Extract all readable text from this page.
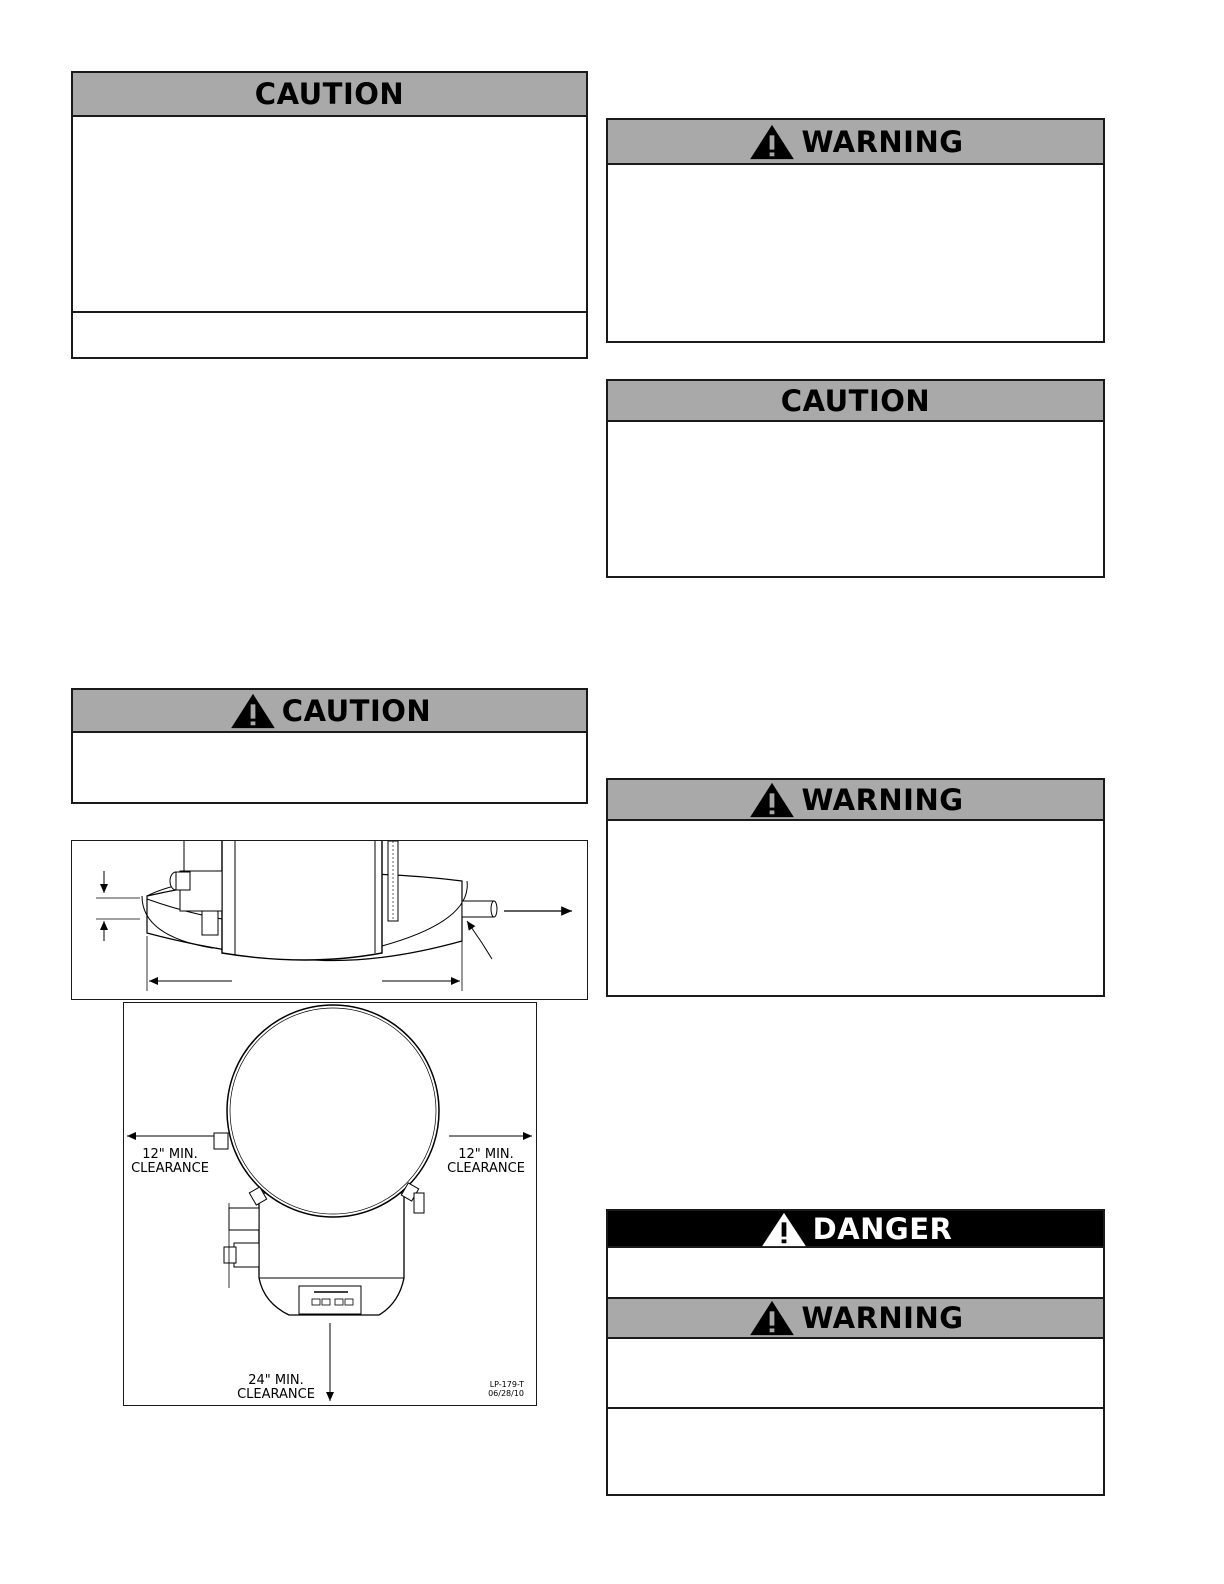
CAUTION
CAUTION
12" MIN.
CLEARANCE
12" MIN.
CLEARANCE
24" MIN.
CLEARANCE
LP-179-T
06/28/10
WARNING
CAUTION
WARNING
DANGER
WARNING
